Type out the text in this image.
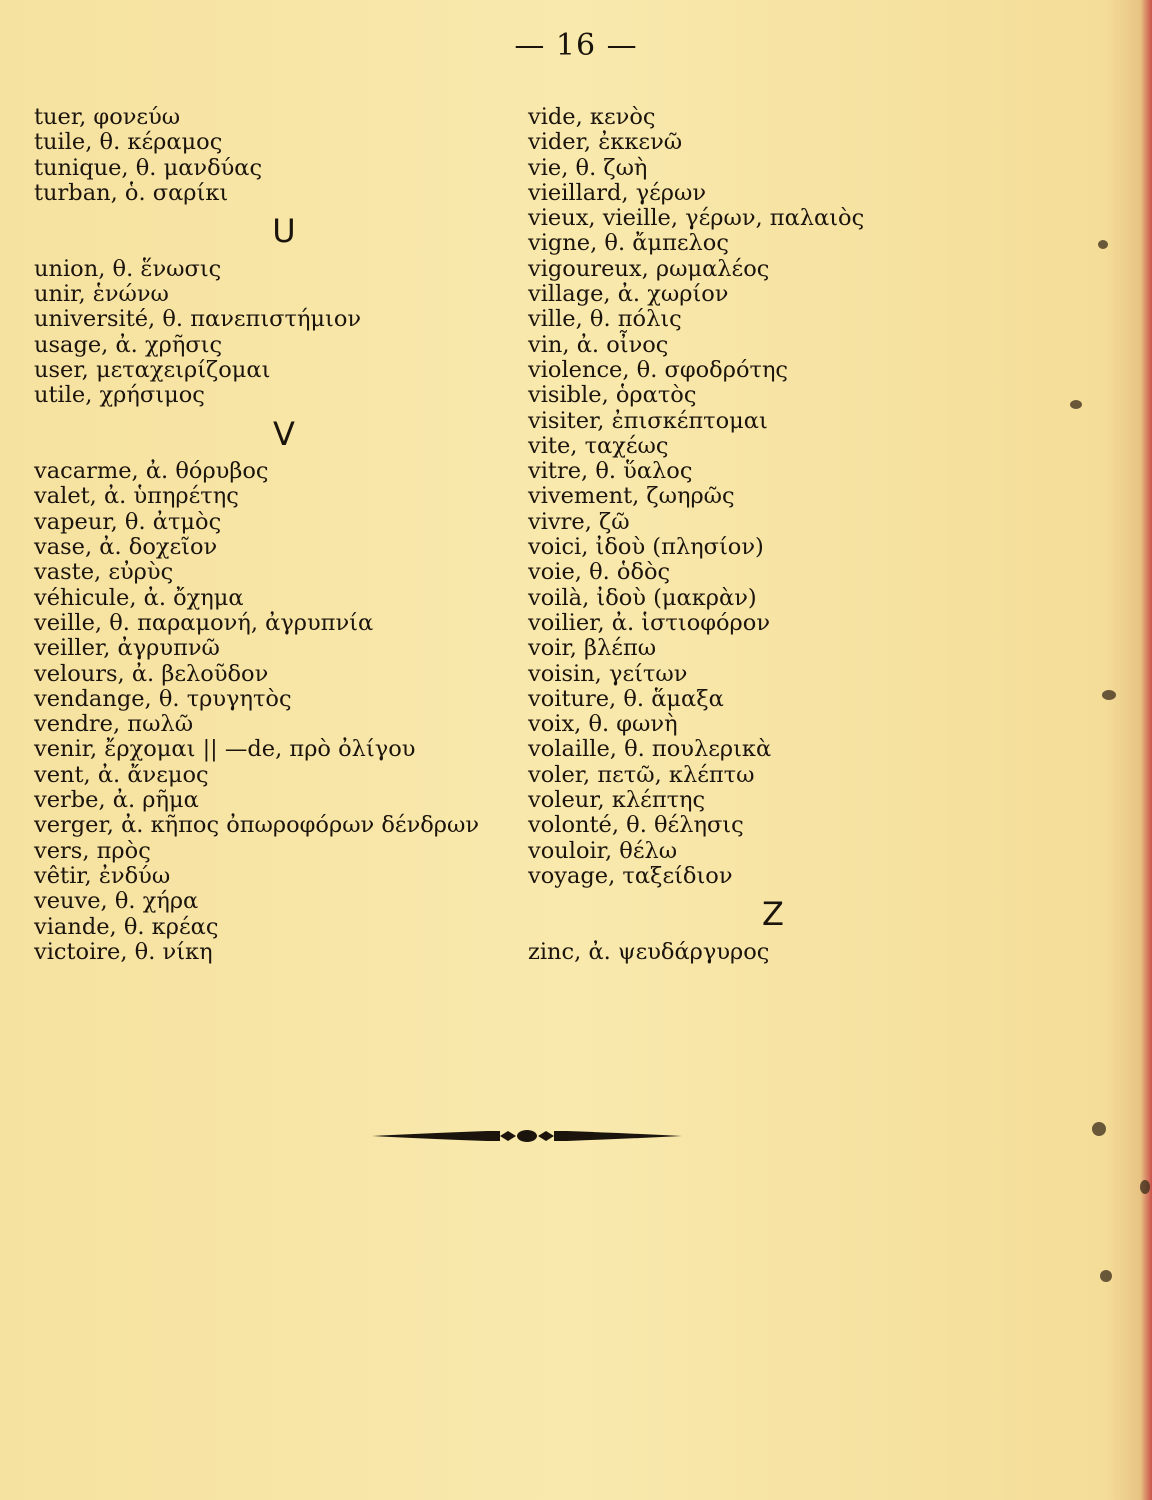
— 16 —
tuer, φονεύω
tuile, θ. κέραμος
tunique, θ. μανδύας
turban, ὁ. σαρίκι
U
union, θ. ἕνωσις
unir, ἑνώνω
université, θ. πανεπιστήμιον
usage, ἀ. χρῆσις
user, μεταχειρίζομαι
utile, χρήσιμος
V
vacarme, ἀ. θόρυβος
valet, ἀ. ὑπηρέτης
vapeur, θ. ἀτμὸς
vase, ἀ. δοχεῖον
vaste, εὐρὺς
véhicule, ἀ. ὄχημα
veille, θ. παραμονή, ἀγρυπνία
veiller, ἀγρυπνῶ
velours, ἀ. βελοῦδον
vendange, θ. τρυγητὸς
vendre, πωλῶ
venir, ἔρχομαι || —de, πρὸ ὀλίγου
vent, ἀ. ἄνεμος
verbe, ἀ. ρῆμα
verger, ἀ. κῆπος ὀπωροφόρων δένδρων
vers, πρὸς
vêtir, ἐνδύω
veuve, θ. χήρα
viande, θ. κρέας
victoire, θ. νίκη
vide, κενὸς
vider, ἐκκενῶ
vie, θ. ζωὴ
vieillard, γέρων
vieux, vieille, γέρων, παλαιὸς
vigne, θ. ἄμπελος
vigoureux, ρωμαλέος
village, ἀ. χωρίον
ville, θ. πόλις
vin, ἀ. οἶνος
violence, θ. σφοδρότης
visible, ὁρατὸς
visiter, ἐπισκέπτομαι
vite, ταχέως
vitre, θ. ὕαλος
vivement, ζωηρῶς
vivre, ζῶ
voici, ἰδοὺ (πλησίον)
voie, θ. ὁδὸς
voilà, ἰδοὺ (μακρὰν)
voilier, ἀ. ἱστιοφόρον
voir, βλέπω
voisin, γείτων
voiture, θ. ἅμαξα
voix, θ. φωνὴ
volaille, θ. πουλερικὰ
voler, πετῶ, κλέπτω
voleur, κλέπτης
volonté, θ. θέλησις
vouloir, θέλω
voyage, ταξείδιον
Z
zinc, ἀ. ψευδάργυρος
